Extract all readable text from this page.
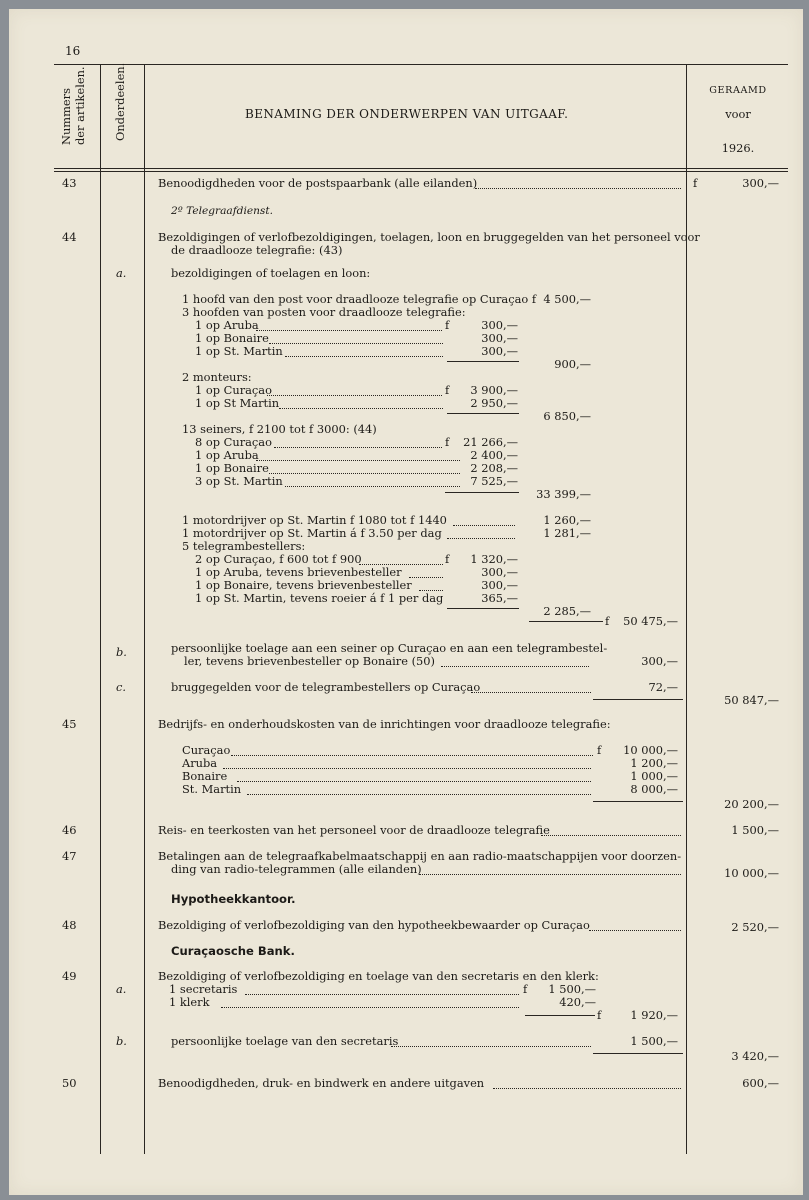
16
Nummers der artikelen. Onderdeelen.	BENAMING DER ONDERWERPEN VAN UITGAAF.
GERAAMD
voor
1926.
43	Benoodigdheden voor de postspaarbank (alle eilanden)	f	300,—
2º Telegraafdienst.
44	Bezoldigingen of verlofbezoldigingen, toelagen, loon en bruggegelden van het personeel voor
de draadlooze telegrafie: (43)
a.	bezoldigingen of toelagen en loon:
1 hoofd van den post voor draadlooze telegrafie op Curaçao f 4 500,—
3 hoofden van posten voor draadlooze telegrafie:
1 op Aruba	f	300,—
1 op Bonaire	300,—
1 op St. Martin	300,—
900,—
2 monteurs:
1 op Curaçao	f 3 900,—
1 op St Martin	2 950,—
6 850,—
13 seiners, f 2100 tot f 3000: (44)
8 op Curaçao	f 21 266,—
1 op Aruba	2 400,—
1 op Bonaire	2 208,—
3 op St. Martin	7 525,—
33 399,—
1 motordrijver op St. Martin f 1080 tot f 1440	1 260,—
1 motordrijver op St. Martin á f 3.50 per dag	1 281,—
5 telegrambestellers:
2 op Curaçao, f 600 tot f 900	f 1 320,—
1 op Aruba, tevens brievenbesteller	300,—
1 op Bonaire, tevens brievenbesteller	300,—
1 op St. Martin, tevens roeier á f 1 per dag	365,—
2 285,—
f 50 475,—
b.	persoonlijke toelage aan een seiner op Curaçao en aan een telegrambestel-
ler, tevens brievenbesteller op Bonaire (50)	300,—
c.	bruggegelden voor de telegrambestellers op Curaçao	72,—
50 847,—
45	Bedrijfs- en onderhoudskosten van de inrichtingen voor draadlooze telegrafie:
Curaçao	f 10 000,—
Aruba	1 200,—
Bonaire	1 000,—
St. Martin	8 000,—
20 200,—
46	Reis- en teerkosten van het personeel voor de draadlooze telegrafie	1 500,—
47	Betalingen aan de telegraafkabelmaatschappij en aan radio-maatschappijen voor doorzen-
ding van radio-telegrammen (alle eilanden)	10 000,—
Hypotheekkantoor.
48	Bezoldiging of verlofbezoldiging van den hypotheekbewaarder op Curaçao	2 520,—
Curaçaosche Bank.
49	Bezoldiging of verlofbezoldiging en toelage van den secretaris en den klerk:
a.	1 secretaris	f 1 500,—
1 klerk	420,—
f	1 920,—
b.	persoonlijke toelage van den secretaris	1 500,—
3 420,—
50	Benoodigdheden, druk- en bindwerk en andere uitgaven	600,—
